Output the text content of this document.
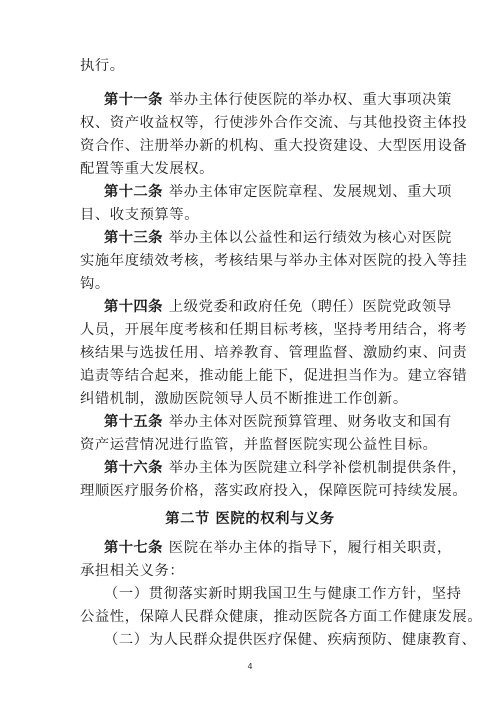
执行。
第十一条 举办主体行使医院的举办权、重大事项决策
权、资产收益权等，行使涉外合作交流、与其他投资主体投
资合作、注册举办新的机构、重大投资建设、大型医用设备
配置等重大发展权。
第十二条 举办主体审定医院章程、发展规划、重大项
目、收支预算等。
第十三条 举办主体以公益性和运行绩效为核心对医院
实施年度绩效考核，考核结果与举办主体对医院的投入等挂
钩。
第十四条 上级党委和政府任免（聘任）医院党政领导
人员，开展年度考核和任期目标考核，坚持考用结合，将考
核结果与选拔任用、培养教育、管理监督、激励约束、问责
追责等结合起来，推动能上能下，促进担当作为。建立容错
纠错机制，激励医院领导人员不断推进工作创新。
第十五条 举办主体对医院预算管理、财务收支和国有
资产运营情况进行监管，并监督医院实现公益性目标。
第十六条 举办主体为医院建立科学补偿机制提供条件，
理顺医疗服务价格，落实政府投入，保障医院可持续发展。
第二节 医院的权利与义务
第十七条 医院在举办主体的指导下，履行相关职责，
承担相关义务：
（一）贯彻落实新时期我国卫生与健康工作方针，坚持
公益性，保障人民群众健康，推动医院各方面工作健康发展。
（二）为人民群众提供医疗保健、疾病预防、健康教育、
4
